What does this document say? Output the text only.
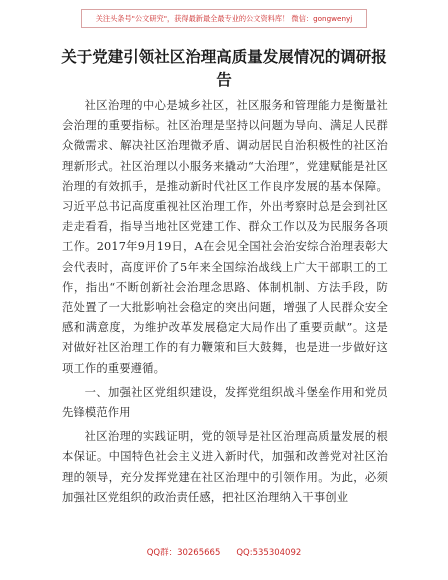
关注头条号"公文研究"，获得最新最全最专业的公文资料库！ 微信：gongwenyj
关于党建引领社区治理高质量发展情况的调研报告

社区治理的中心是城乡社区，社区服务和管理能力是衡量社会治理的重要指标。社区治理是坚持以问题为导向、满足人民群众微需求、解决社区治理微矛盾、调动居民自治积极性的社区治理新形式。社区治理以小服务来撬动“大治理”，党建赋能是社区治理的有效抓手，是推动新时代社区工作良序发展的基本保障。习近平总书记高度重视社区治理工作，外出考察时总是会到社区走走看看，指导当地社区党建工作、群众工作以及为民服务各项工作。2017年9月19日，A在会见全国社会治安综合治理表彰大会代表时，高度评价了5年来全国综治战线上广大干部职工的工作，指出“不断创新社会治理念思路、体制机制、方法手段，防范处置了一大批影响社会稳定的突出问题，增强了人民群众安全感和满意度，为维护改革发展稳定大局作出了重要贡献”。这是对做好社区治理工作的有力鞭策和巨大鼓舞，也是进一步做好这项工作的重要遵循。

一、加强社区党组织建设，发挥党组织战斗堡垒作用和党员先锋模范作用

社区治理的实践证明，党的领导是社区治理高质量发展的根本保证。中国特色社会主义进入新时代，加强和改善党对社区治理的领导，充分发挥党建在社区治理中的引领作用。为此，必须加强社区党组织的政治责任感，把社区治理纳入干事创业

QQ群：30265665 QQ:535304092
